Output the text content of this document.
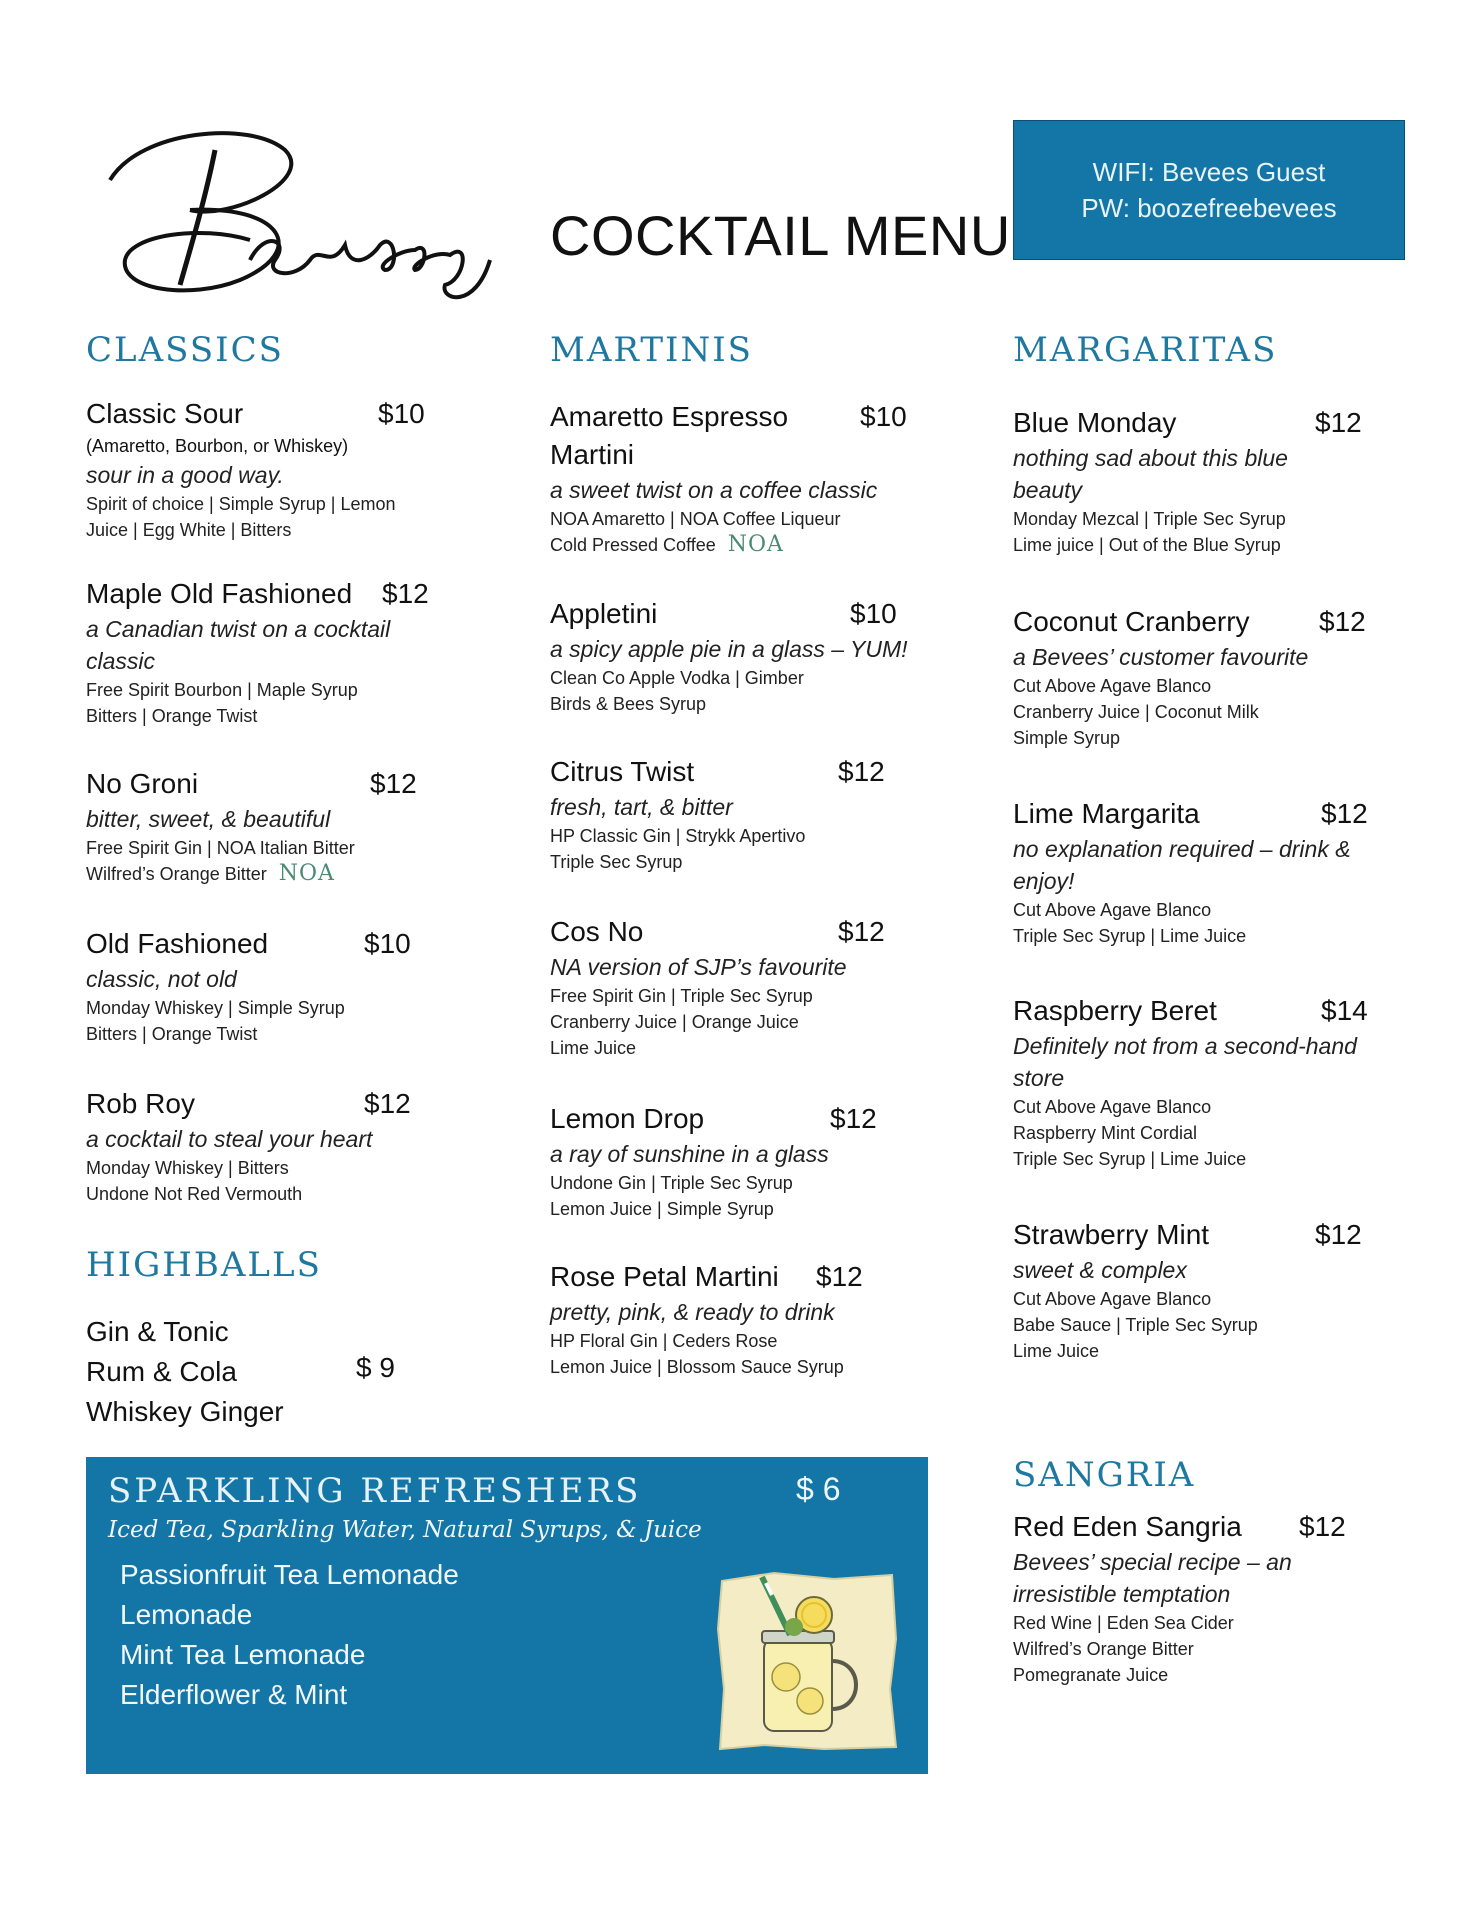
Bevees
COCKTAIL MENU
WIFI: Bevees Guest
PW: boozefreebevees
CLASSICS
Classic Sour	$10
(Amaretto, Bourbon, or Whiskey)
sour in a good way.
Spirit of choice | Simple Syrup | Lemon
Juice | Egg White | Bitters
Maple Old Fashioned $12
a Canadian twist on a cocktail classic
Free Spirit Bourbon | Maple Syrup
Bitters | Orange Twist
No Groni	$12
bitter, sweet, & beautiful
Free Spirit Gin | NOA Italian Bitter
Wilfred’s Orange Bitter NOA
Old Fashioned	$10
classic, not old
Monday Whiskey | Simple Syrup
Bitters | Orange Twist
Rob Roy	$12
a cocktail to steal your heart
Monday Whiskey | Bitters
Undone Not Red Vermouth
HIGHBALLS
Gin & Tonic
Rum & Cola
Whiskey Ginger
$ 9
MARTINIS
Amaretto Espresso	$10
Martini
a sweet twist on a coffee classic
NOA Amaretto | NOA Coffee Liqueur
Cold Pressed Coffee NOA
Appletini	$10
a spicy apple pie in a glass – YUM!
Clean Co Apple Vodka | Gimber
Birds & Bees Syrup
Citrus Twist	$12
fresh, tart, & bitter
HP Classic Gin | Strykk Apertivo
Triple Sec Syrup
Cos No	$12
NA version of SJP’s favourite
Free Spirit Gin | Triple Sec Syrup
Cranberry Juice | Orange Juice
Lime Juice
Lemon Drop	$12
a ray of sunshine in a glass
Undone Gin | Triple Sec Syrup
Lemon Juice | Simple Syrup
Rose Petal Martini $12
pretty, pink, & ready to drink
HP Floral Gin | Ceders Rose
Lemon Juice | Blossom Sauce Syrup
MARGARITAS
Blue Monday	$12
nothing sad about this blue beauty
Monday Mezcal | Triple Sec Syrup
Lime juice | Out of the Blue Syrup
Coconut Cranberry $12
a Bevees’ customer favourite
Cut Above Agave Blanco
Cranberry Juice | Coconut Milk
Simple Syrup
Lime Margarita	$12
no explanation required – drink & enjoy!
Cut Above Agave Blanco
Triple Sec Syrup | Lime Juice
Raspberry Beret	$14
Definitely not from a second-hand store
Cut Above Agave Blanco
Raspberry Mint Cordial
Triple Sec Syrup | Lime Juice
Strawberry Mint	$12
sweet & complex
Cut Above Agave Blanco
Babe Sauce | Triple Sec Syrup
Lime Juice
SANGRIA
Red Eden Sangria $12
Bevees’ special recipe – an irresistible temptation
Red Wine | Eden Sea Cider
Wilfred’s Orange Bitter
Pomegranate Juice
SPARKLING REFRESHERS	$ 6
Iced Tea, Sparkling Water, Natural Syrups, & Juice
Passionfruit Tea Lemonade
Lemonade
Mint Tea Lemonade
Elderflower & Mint
